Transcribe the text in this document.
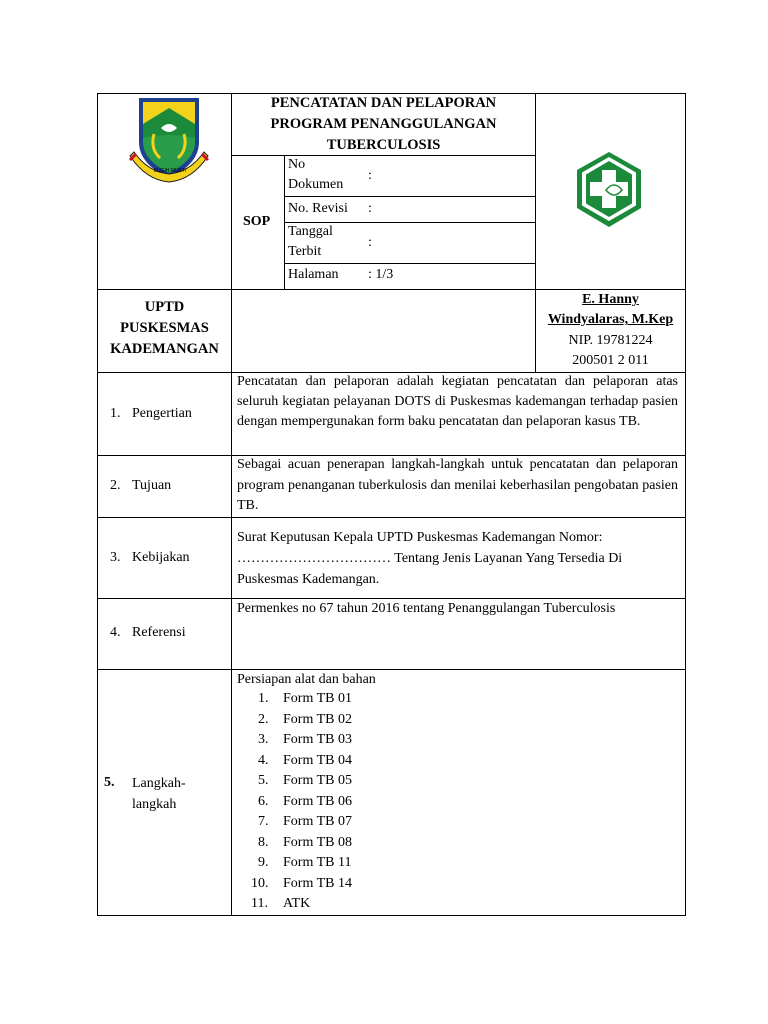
SUGIH MUKTI
PENCATATAN DAN PELAPORAN
PROGRAM PENANGGULANGAN
TUBERCULOSIS
SOP
No
Dokumen
:
No. Revisi :
Tanggal
Terbit
:
Halaman : 1/3
UPTD
PUSKESMAS
KADEMANGAN
E. Hanny
Windyalaras, M.Kep
NIP. 19781224
200501 2 011
1. Pengertian
Pencatatan dan pelaporan adalah kegiatan pencatatan dan pelaporan atas seluruh kegiatan pelayanan DOTS di Puskesmas kademangan terhadap pasien dengan mempergunakan form baku pencatatan dan pelaporan kasus TB.
2. Tujuan
Sebagai acuan penerapan langkah-langkah untuk pencatatan dan pelaporan program penanganan tuberkulosis dan menilai keberhasilan pengobatan pasien TB.
3. Kebijakan
Surat Keputusan Kepala UPTD Puskesmas Kademangan Nomor:
…………………………… Tentang Jenis Layanan Yang Tersedia Di
Puskesmas Kademangan.
4. Referensi
Permenkes no 67 tahun 2016 tentang Penanggulangan Tuberculosis
5. Langkah-
langkah
Persiapan alat dan bahan
1. Form TB 01
2. Form TB 02
3. Form TB 03
4. Form TB 04
5. Form TB 05
6. Form TB 06
7. Form TB 07
8. Form TB 08
9. Form TB 11
10. Form TB 14
11. ATK
